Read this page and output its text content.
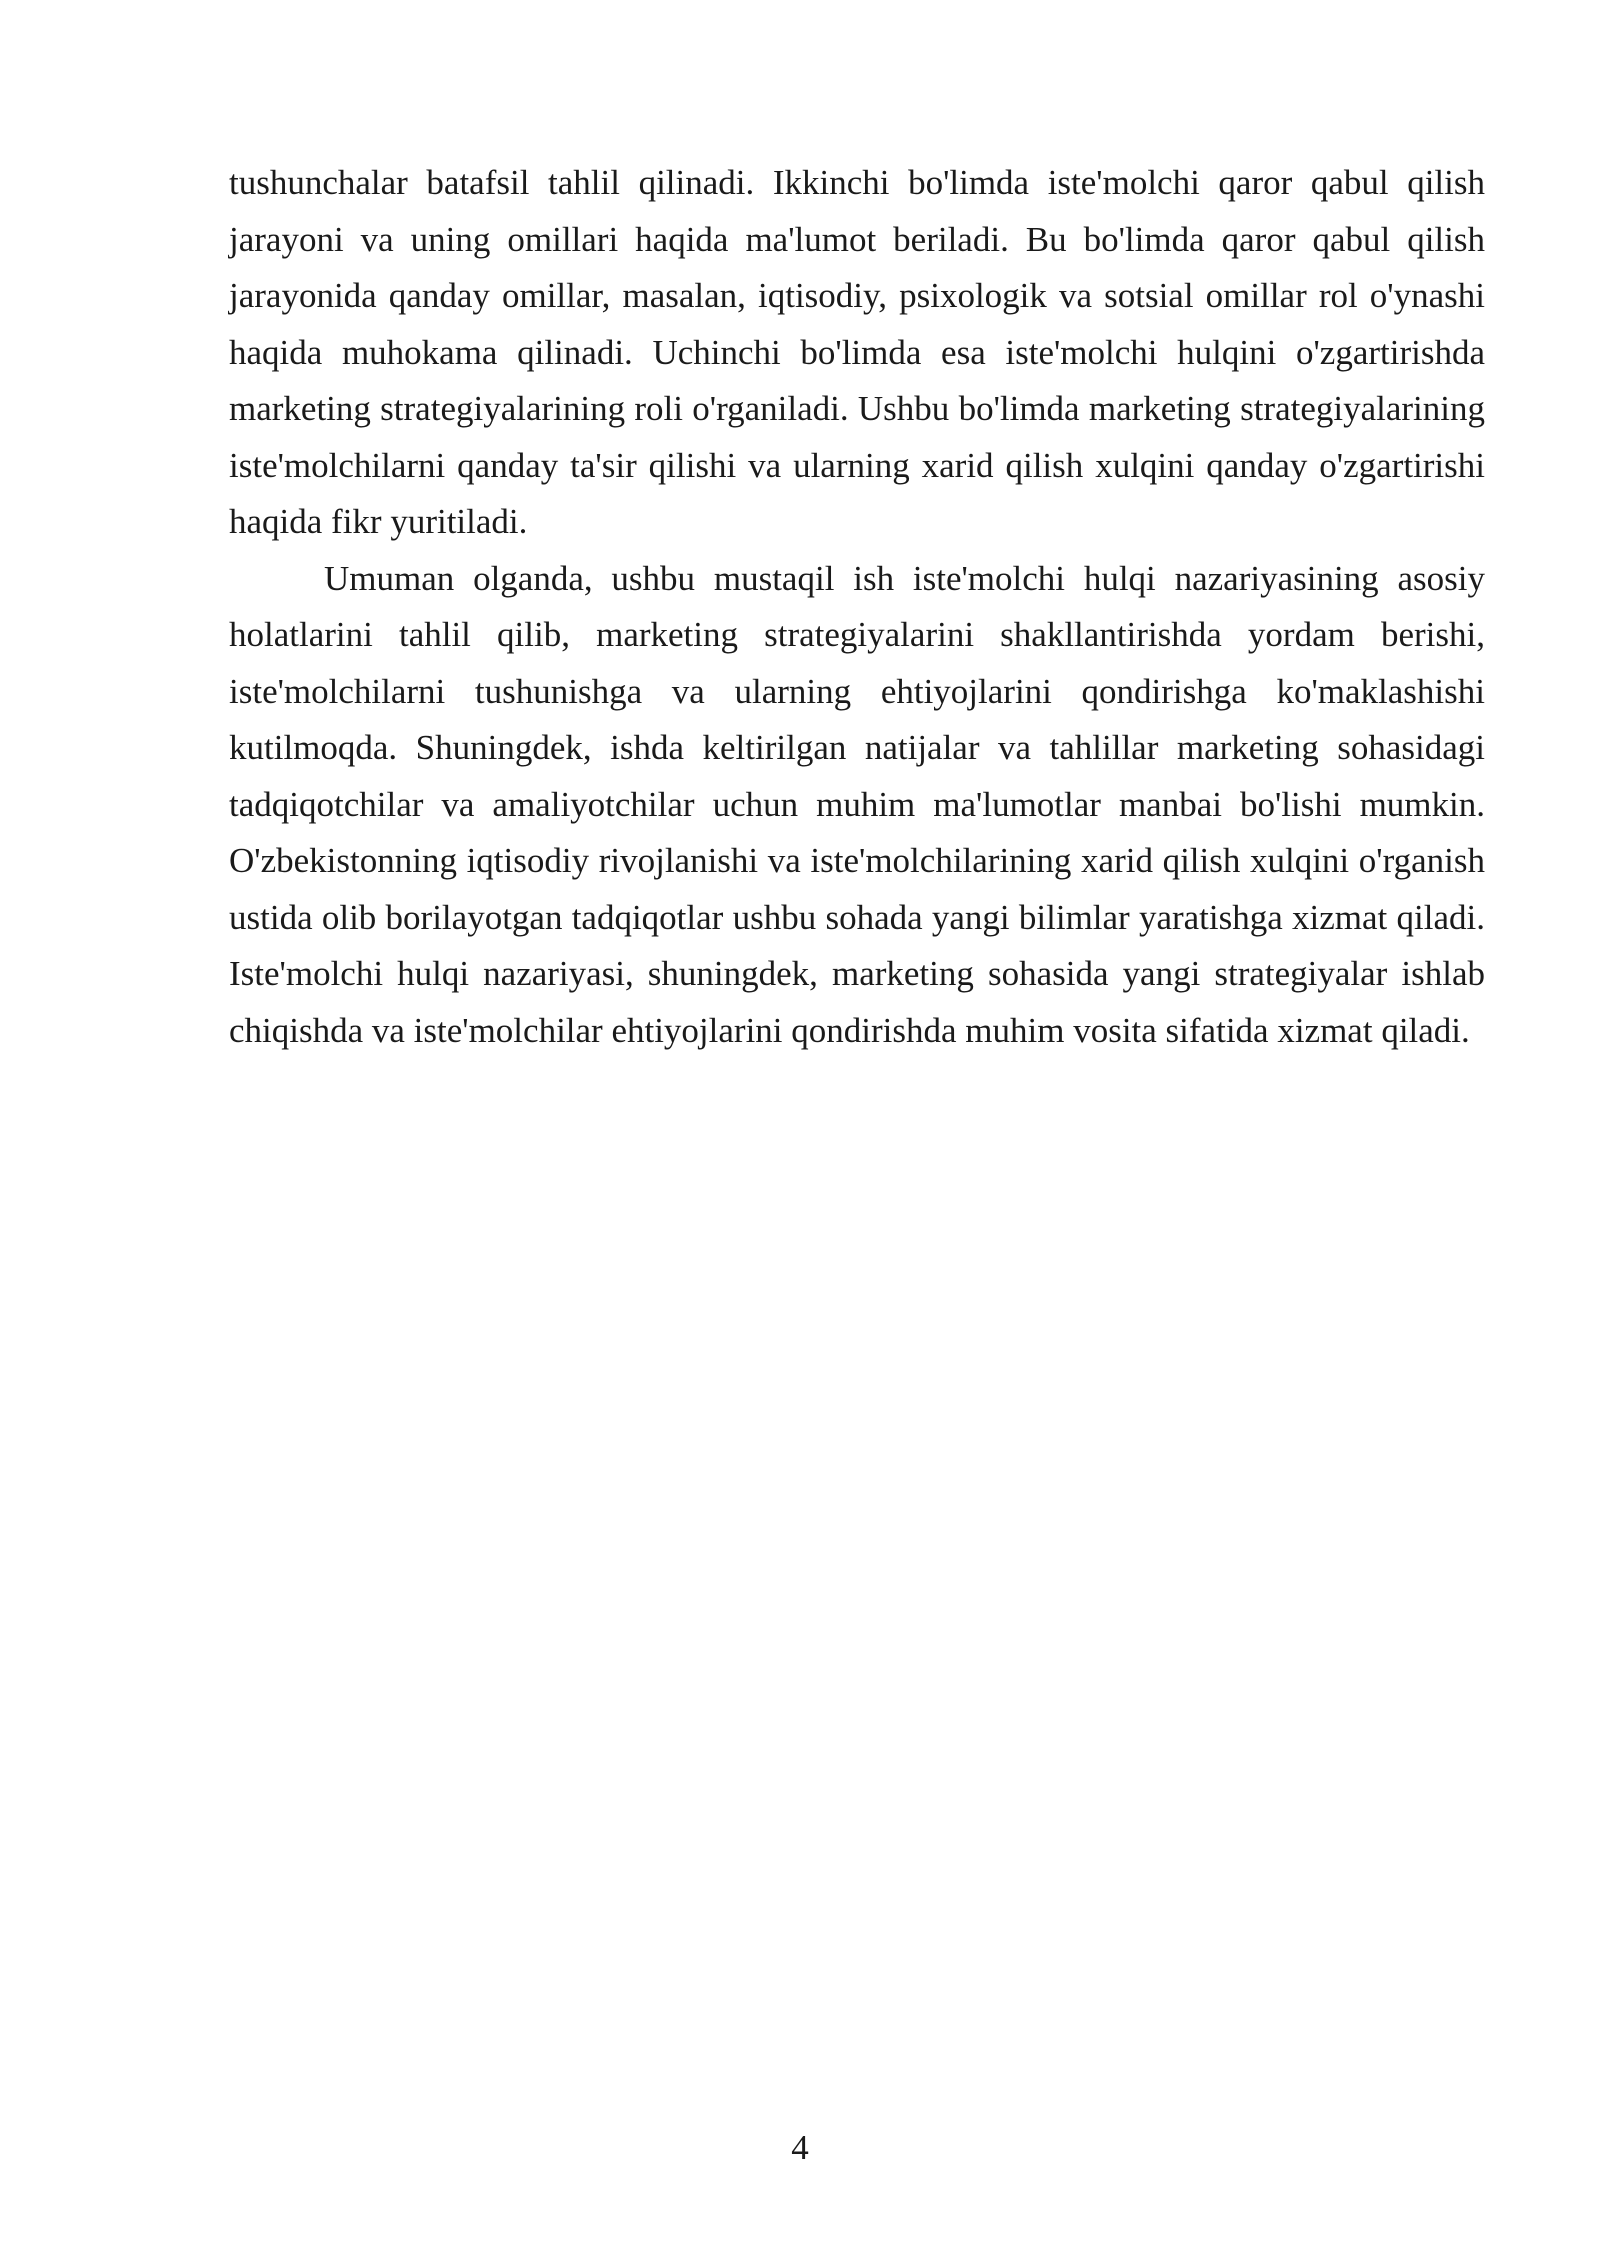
tushunchalar batafsil tahlil qilinadi. Ikkinchi bo'limda iste'molchi qaror qabul qilish jarayoni va uning omillari haqida ma'lumot beriladi. Bu bo'limda qaror qabul qilish jarayonida qanday omillar, masalan, iqtisodiy, psixologik va sotsial omillar rol o'ynashi haqida muhokama qilinadi. Uchinchi bo'limda esa iste'molchi hulqini o'zgartirishda marketing strategiyalarining roli o'rganiladi. Ushbu bo'limda marketing strategiyalarining iste'molchilarni qanday ta'sir qilishi va ularning xarid qilish xulqini qanday o'zgartirishi haqida fikr yuritiladi.

Umuman olganda, ushbu mustaqil ish iste'molchi hulqi nazariyasining asosiy holatlarini tahlil qilib, marketing strategiyalarini shakllantirishda yordam berishi, iste'molchilarni tushunishga va ularning ehtiyojlarini qondirishga ko'maklashishi kutilmoqda. Shuningdek, ishda keltirilgan natijalar va tahlillar marketing sohasidagi tadqiqotchilar va amaliyotchilar uchun muhim ma'lumotlar manbai bo'lishi mumkin. O'zbekistonning iqtisodiy rivojlanishi va iste'molchilarining xarid qilish xulqini o'rganish ustida olib borilayotgan tadqiqotlar ushbu sohada yangi bilimlar yaratishga xizmat qiladi. Iste'molchi hulqi nazariyasi, shuningdek, marketing sohasida yangi strategiyalar ishlab chiqishda va iste'molchilar ehtiyojlarini qondirishda muhim vosita sifatida xizmat qiladi.

4
